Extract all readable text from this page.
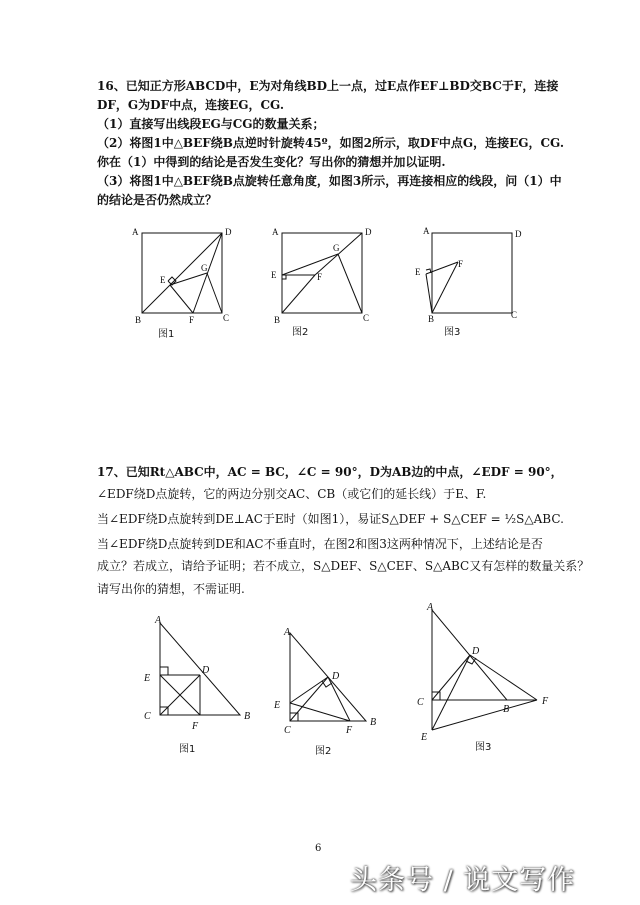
16、已知正方形ABCD中，E为对角线BD上一点，过E点作EF⊥BD交BC于F，连接
DF，G为DF中点，连接EG，CG.
（1）直接写出线段EG与CG的数量关系；
（2）将图1中△BEF绕B点逆时针旋转45º，如图2所示，取DF中点G，连接EG，CG.
你在（1）中得到的结论是否发生变化？写出你的猜想并加以证明.
（3）将图1中△BEF绕B点旋转任意角度，如图3所示，再连接相应的线段，问（1）中
的结论是否仍然成立？
A	D
B	C
E
F
G
图1
A	D
B	C
E	F
G
图2
A	D
B	C
E
F
图3
17、已知Rt△ABC中，AC = BC，∠C = 90°，D为AB边的中点，∠EDF = 90°，
∠EDF绕D点旋转，它的两边分别交AC、CB（或它们的延长线）于E、F.
当∠EDF绕D点旋转到DE⊥AC于E时（如图1），易证S△DEF + S△CEF = ½S△ABC.
当∠EDF绕D点旋转到DE和AC不垂直时，在图2和图3这两种情况下，上述结论是否
成立？若成立，请给予证明；若不成立，S△DEF、S△CEF、S△ABC又有怎样的数量关系？
请写出你的猜想，不需证明.
A
D
E
C
F
B
图1
A
D
E
C	F
B
图2
A
D
C
E
B
F
图3
6
头条号 / 说文写作
